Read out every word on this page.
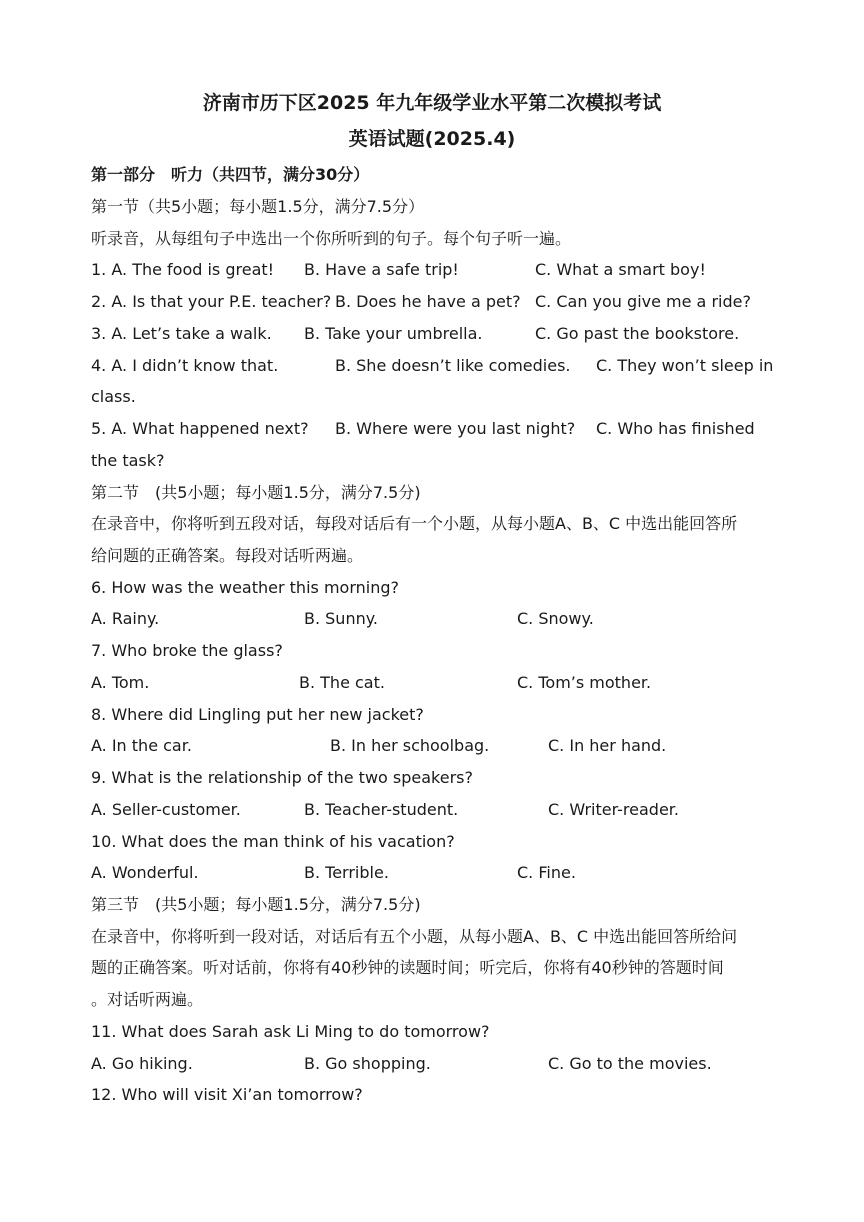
济南市历下区2025 年九年级学业水平第二次模拟考试
英语试题(2025.4)
第一部分　听力（共四节，满分30分）
第一节（共5小题；每小题1.5分，满分7.5分）
听录音，从每组句子中选出一个你所听到的句子。每个句子听一遍。
1. A. The food is great! B. Have a safe trip!	C. What a smart boy!
2. A. Is that your P.E. teacher? B. Does he have a pet? C. Can you give me a ride?
3. A. Let’s take a walk. B. Take your umbrella.	C. Go past the bookstore.
4. A. I didn’t know that.	B. She doesn’t like comedies. C. They won’t sleep in
class.
5. A. What happened next? B. Where were you last night? C. Who has finished
the task?
第二节　(共5小题；每小题1.5分，满分7.5分)
在录音中，你将听到五段对话，每段对话后有一个小题，从每小题A、B、C 中选出能回答所
给问题的正确答案。每段对话听两遍。
6. How was the weather this morning?
A. Rainy.	B. Sunny.	C. Snowy.
7. Who broke the glass?
A. Tom.	B. The cat.	C. Tom’s mother.
8. Where did Lingling put her new jacket?
A. In the car.	B. In her schoolbag.	C. In her hand.
9. What is the relationship of the two speakers?
A. Seller-customer.	B. Teacher-student.	C. Writer-reader.
10. What does the man think of his vacation?
A. Wonderful.	B. Terrible.	C. Fine.
第三节　(共5小题；每小题1.5分，满分7.5分)
在录音中，你将听到一段对话，对话后有五个小题，从每小题A、B、C 中选出能回答所给问
题的正确答案。听对话前，你将有40秒钟的读题时间；听完后，你将有40秒钟的答题时间
。对话听两遍。
11. What does Sarah ask Li Ming to do tomorrow?
A. Go hiking.	B. Go shopping.	C. Go to the movies.
12. Who will visit Xi’an tomorrow?
